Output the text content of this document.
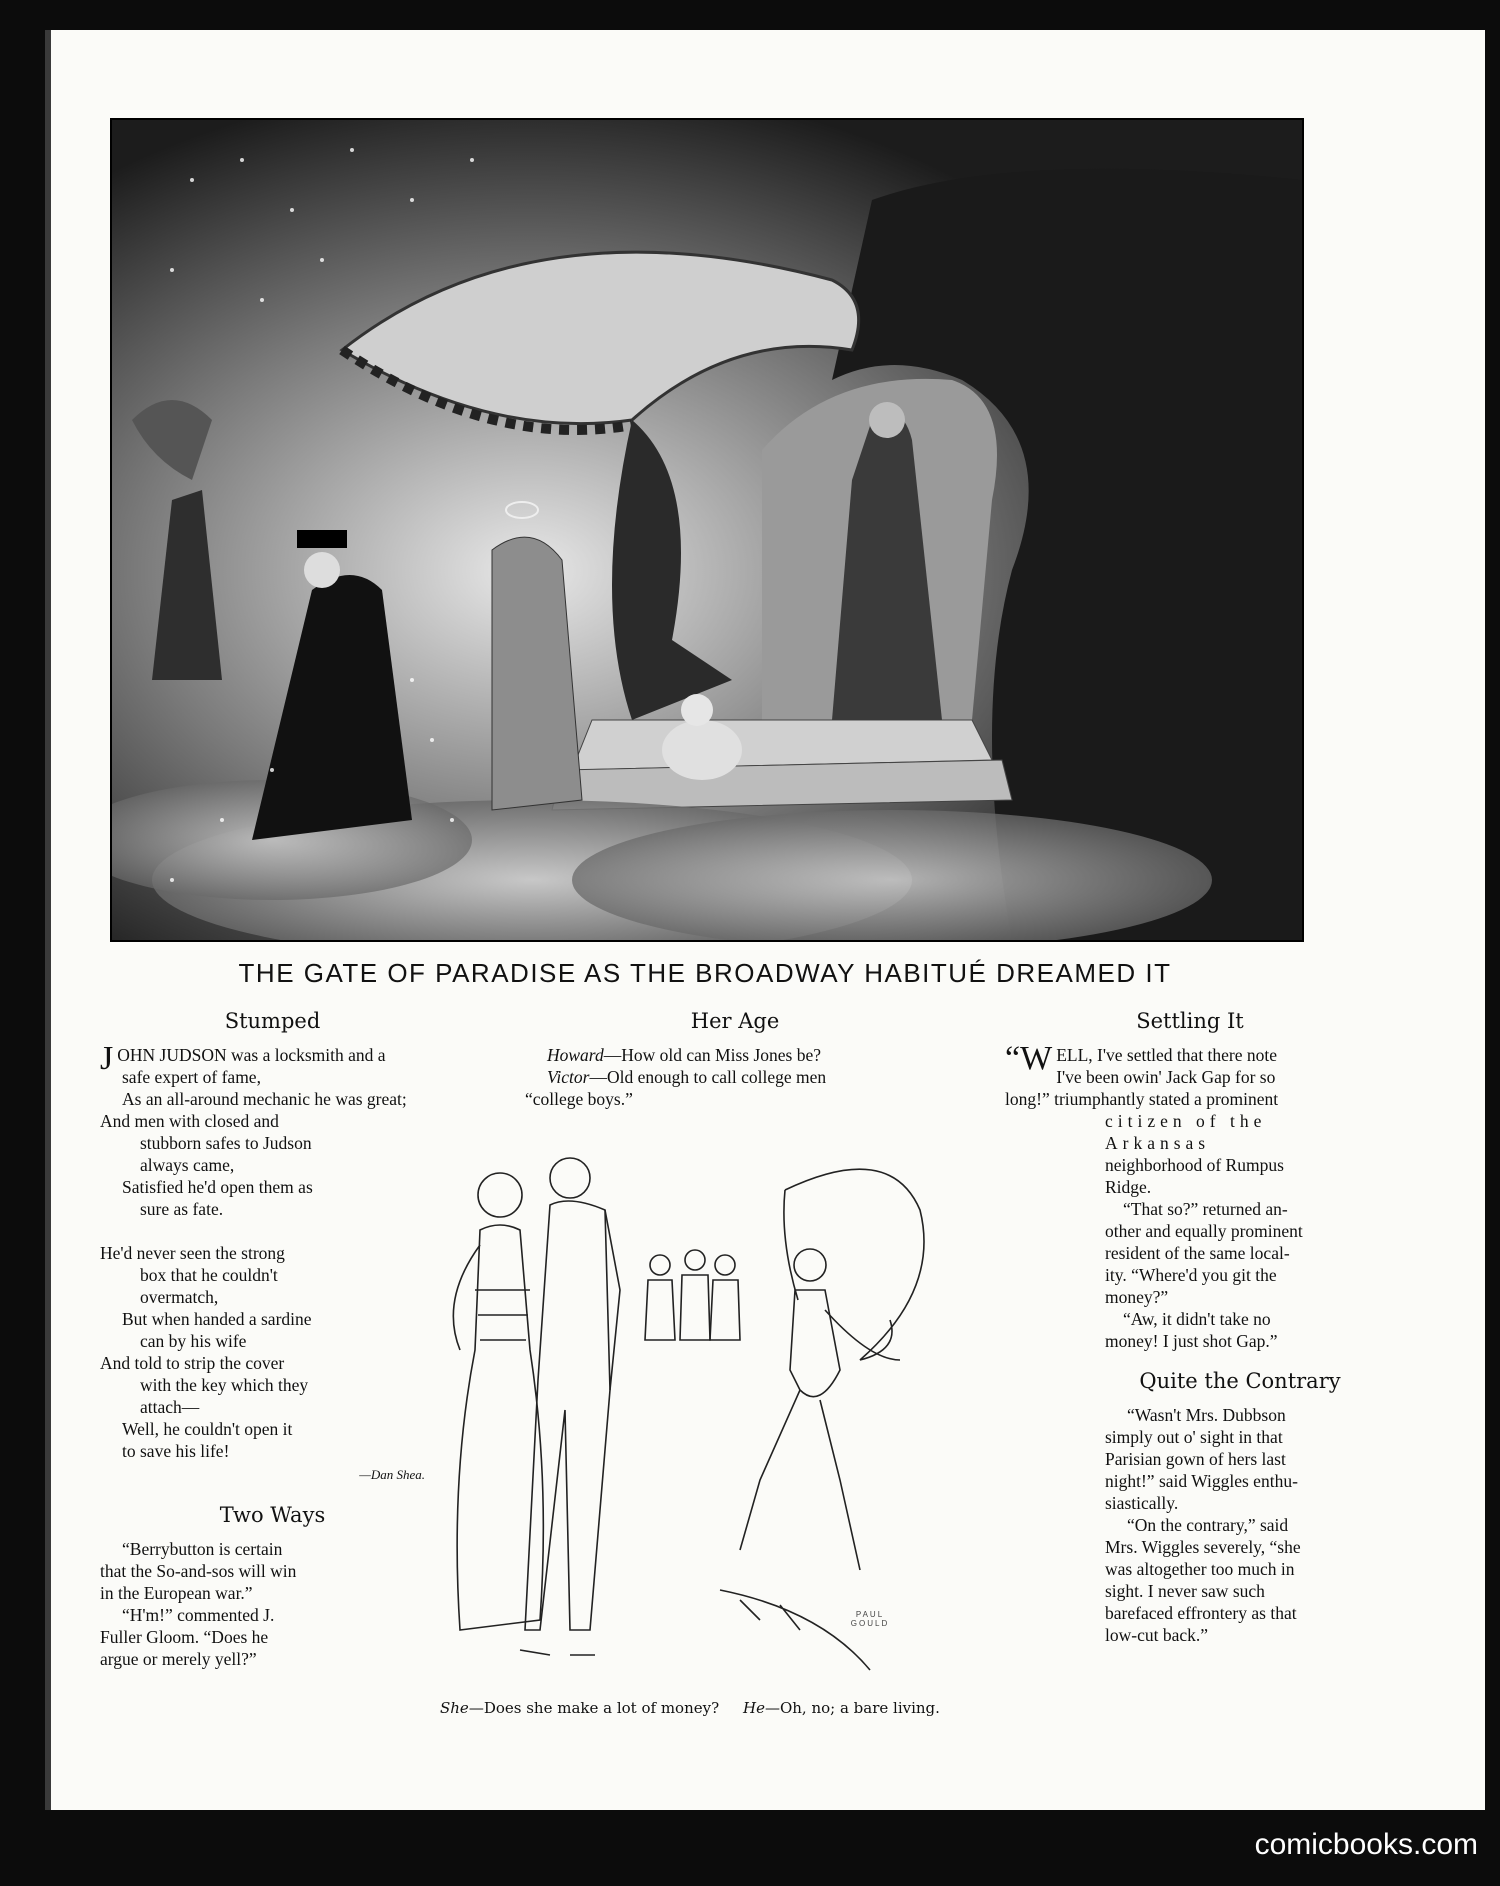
THE GATE OF PARADISE AS THE BROADWAY HABITUÉ DREAMED IT
Stumped

JOHN JUDSON was a locksmith and a

safe expert of fame,

As an all-around mechanic he was great;

And men with closed and

stubborn safes to Judson

always came,

Satisfied he'd open them as

sure as fate.

He'd never seen the strong

box that he couldn't

overmatch,

But when handed a sardine

can by his wife

And told to strip the cover

with the key which they

attach—

Well, he couldn't open it

to save his life!

—Dan Shea.
Two Ways

“Berrybutton is certain

that the So-and-sos will win

in the European war.”

“H'm!” commented J.

Fuller Gloom. “Does he

argue or merely yell?”

Her Age

Howard—How old can Miss Jones be?

Victor—Old enough to call college men

“college boys.”

Settling It

“WELL, I've settled that there note

I've been owin' Jack Gap for so

long!” triumphantly stated a prominent

citizen of the Arkansas

neighborhood of Rumpus

Ridge.

“That so?” returned an-

other and equally prominent

resident of the same local-

ity. “Where'd you git the

money?”

“Aw, it didn't take no

money! I just shot Gap.”

Quite the Contrary

“Wasn't Mrs. Dubbson

simply out o' sight in that

Parisian gown of hers last

night!” said Wiggles enthu-

siastically.

“On the contrary,” said

Mrs. Wiggles severely, “she

was altogether too much in

sight. I never saw such

barefaced effrontery as that

low-cut back.”

PAUL GOULD
She—Does she make a lot of money? He—Oh, no; a bare living.
comicbooks.com
